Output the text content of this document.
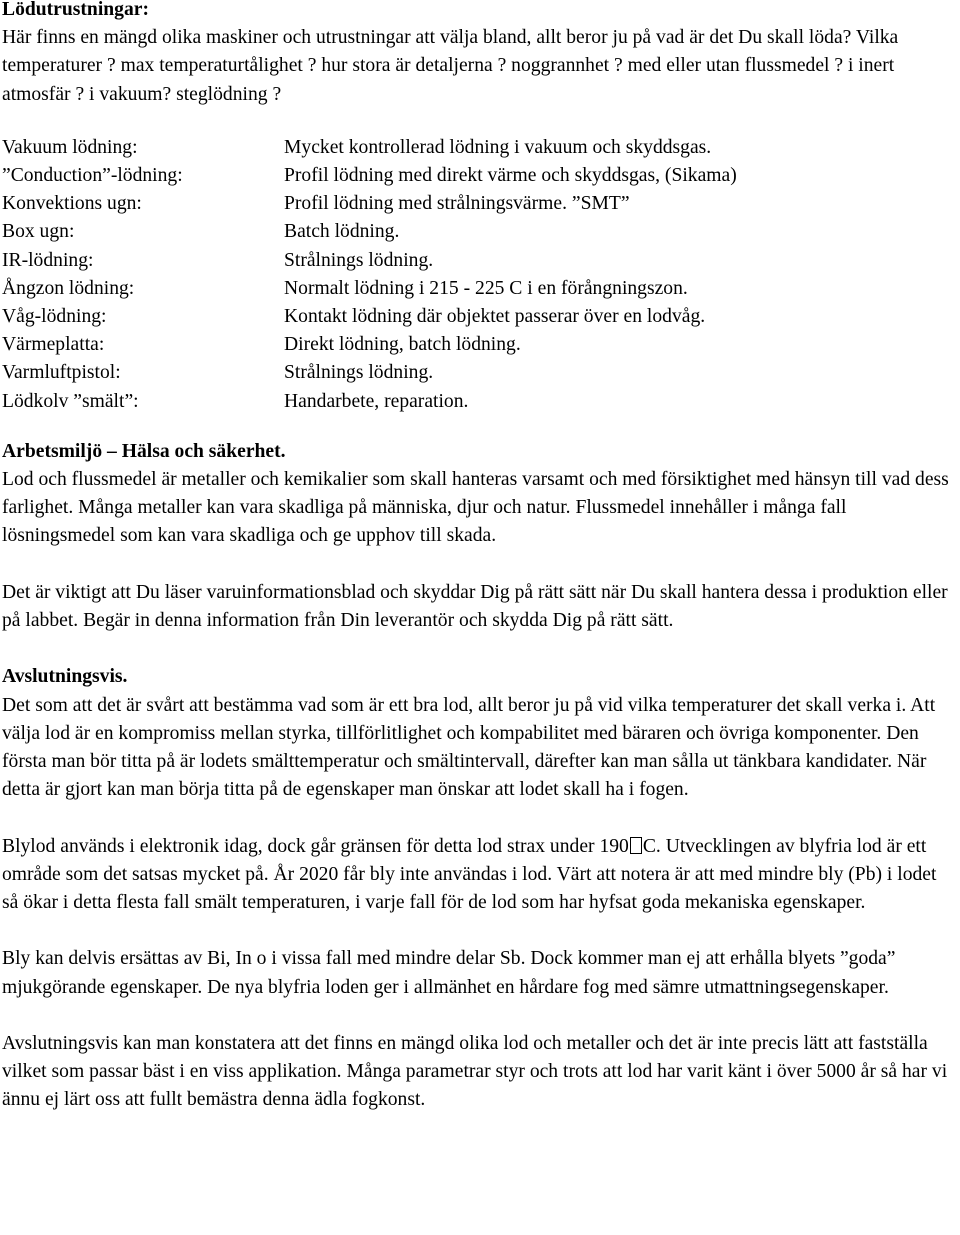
Lödutrustningar:

Här finns en mängd olika maskiner och utrustningar att välja bland, allt beror ju på vad är det Du skall löda? Vilka temperaturer ? max temperaturtålighet ? hur stora är detaljerna ? noggrannhet ? med eller utan flussmedel ? i inert atmosfär ? i vakuum? steglödning ?

Vakuum lödning:	Mycket kontrollerad lödning i vakuum och skyddsgas.
”Conduction”-lödning:	Profil lödning med direkt värme och skyddsgas, (Sikama)
Konvektions ugn:	Profil lödning med strålningsvärme. ”SMT”
Box ugn:	Batch lödning.
IR-lödning:	Strålnings lödning.
Ångzon lödning:	Normalt lödning i 215 - 225 C i en förångningszon.
Våg-lödning:	Kontakt lödning där objektet passerar över en lodvåg.
Värmeplatta:	Direkt lödning, batch lödning.
Varmluftpistol:	Strålnings lödning.
Lödkolv ”smält”:	Handarbete, reparation.
Arbetsmiljö – Hälsa och säkerhet.

Lod och flussmedel är metaller och kemikalier som skall hanteras varsamt och med försiktighet med hänsyn till vad dess farlighet. Många metaller kan vara skadliga på människa, djur och natur. Flussmedel innehåller i många fall lösningsmedel som kan vara skadliga och ge upphov till skada.

Det är viktigt att Du läser varuinformationsblad och skyddar Dig på rätt sätt när Du skall hantera dessa i produktion eller på labbet. Begär in denna information från Din leverantör och skydda Dig på rätt sätt.

Avslutningsvis.

Det som att det är svårt att bestämma vad som är ett bra lod, allt beror ju på vid vilka temperaturer det skall verka i. Att välja lod är en kompromiss mellan styrka, tillförlitlighet och kompabilitet med bäraren och övriga komponenter. Den första man bör titta på är lodets smälttemperatur och smältintervall, därefter kan man sålla ut tänkbara kandidater. När detta är gjort kan man börja titta på de egenskaper man önskar att lodet skall ha i fogen.

Blylod används i elektronik idag, dock går gränsen för detta lod strax under 190 C. Utvecklingen av blyfria lod är ett område som det satsas mycket på. År 2020 får bly inte användas i lod. Värt att notera är att med mindre bly (Pb) i lodet så ökar i detta flesta fall smält temperaturen, i varje fall för de lod som har hyfsat goda mekaniska egenskaper.

Bly kan delvis ersättas av Bi, In o i vissa fall med mindre delar Sb. Dock kommer man ej att erhålla blyets ”goda” mjukgörande egenskaper. De nya blyfria loden ger i allmänhet en hårdare fog med sämre utmattningsegenskaper.

Avslutningsvis kan man konstatera att det finns en mängd olika lod och metaller och det är inte precis lätt att fastställa vilket som passar bäst i en viss applikation. Många parametrar styr och trots att lod har varit känt i över 5000 år så har vi ännu ej lärt oss att fullt bemästra denna ädla fogkonst.
